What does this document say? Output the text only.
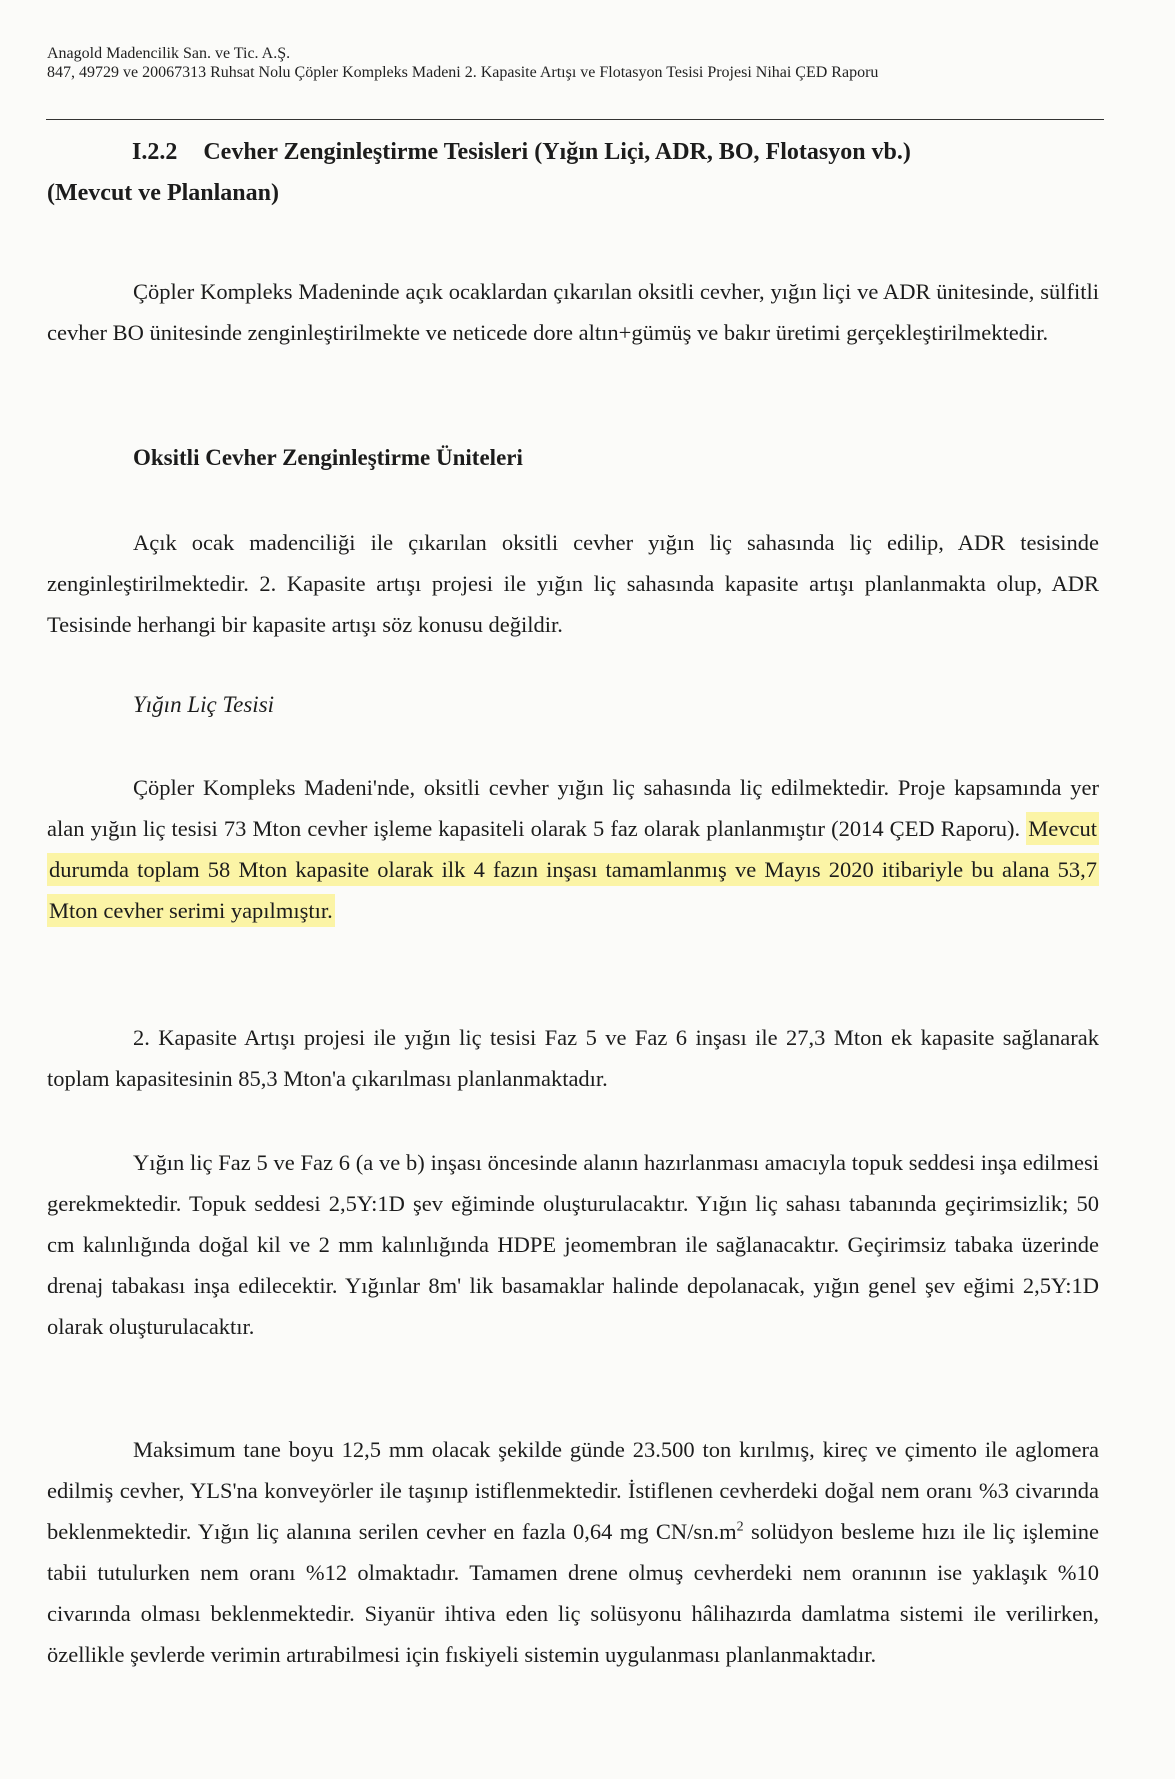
Anagold Madencilik San. ve Tic. A.Ş.
847, 49729 ve 20067313 Ruhsat Nolu Çöpler Kompleks Madeni 2. Kapasite Artışı ve Flotasyon Tesisi Projesi Nihai ÇED Raporu

I.2.2 Cevher Zenginleştirme Tesisleri (Yığın Liçi, ADR, BO, Flotasyon vb.)

(Mevcut ve Planlanan)

Çöpler Kompleks Madeninde açık ocaklardan çıkarılan oksitli cevher, yığın liçi ve ADR ünitesinde, sülfitli cevher BO ünitesinde zenginleştirilmekte ve neticede dore altın+gümüş ve bakır üretimi gerçekleştirilmektedir.

Oksitli Cevher Zenginleştirme Üniteleri

Açık ocak madenciliği ile çıkarılan oksitli cevher yığın liç sahasında liç edilip, ADR tesisinde zenginleştirilmektedir. 2. Kapasite artışı projesi ile yığın liç sahasında kapasite artışı planlanmakta olup, ADR Tesisinde herhangi bir kapasite artışı söz konusu değildir.

Yığın Liç Tesisi

Çöpler Kompleks Madeni'nde, oksitli cevher yığın liç sahasında liç edilmektedir. Proje kapsamında yer alan yığın liç tesisi 73 Mton cevher işleme kapasiteli olarak 5 faz olarak planlanmıştır (2014 ÇED Raporu). Mevcut durumda toplam 58 Mton kapasite olarak ilk 4 fazın inşası tamamlanmış ve Mayıs 2020 itibariyle bu alana 53,7 Mton cevher serimi yapılmıştır.

2. Kapasite Artışı projesi ile yığın liç tesisi Faz 5 ve Faz 6 inşası ile 27,3 Mton ek kapasite sağlanarak toplam kapasitesinin 85,3 Mton'a çıkarılması planlanmaktadır.

Yığın liç Faz 5 ve Faz 6 (a ve b) inşası öncesinde alanın hazırlanması amacıyla topuk seddesi inşa edilmesi gerekmektedir. Topuk seddesi 2,5Y:1D şev eğiminde oluşturulacaktır. Yığın liç sahası tabanında geçirimsizlik; 50 cm kalınlığında doğal kil ve 2 mm kalınlığında HDPE jeomembran ile sağlanacaktır. Geçirimsiz tabaka üzerinde drenaj tabakası inşa edilecektir. Yığınlar 8m' lik basamaklar halinde depolanacak, yığın genel şev eğimi 2,5Y:1D olarak oluşturulacaktır.

Maksimum tane boyu 12,5 mm olacak şekilde günde 23.500 ton kırılmış, kireç ve çimento ile aglomera edilmiş cevher, YLS'na konveyörler ile taşınıp istiflenmektedir. İstiflenen cevherdeki doğal nem oranı %3 civarında beklenmektedir. Yığın liç alanına serilen cevher en fazla 0,64 mg $CN/sn.m^2$ solüdyon besleme hızı ile liç işlemine tabii tutulurken nem oranı %12 olmaktadır. Tamamen drene olmuş cevherdeki nem oranının ise yaklaşık %10 civarında olması beklenmektedir. Siyanür ihtiva eden liç solüsyonu hâlihazırda damlatma sistemi ile verilirken, özellikle şevlerde verimin artırabilmesi için fıskiyeli sistemin uygulanması planlanmaktadır.
